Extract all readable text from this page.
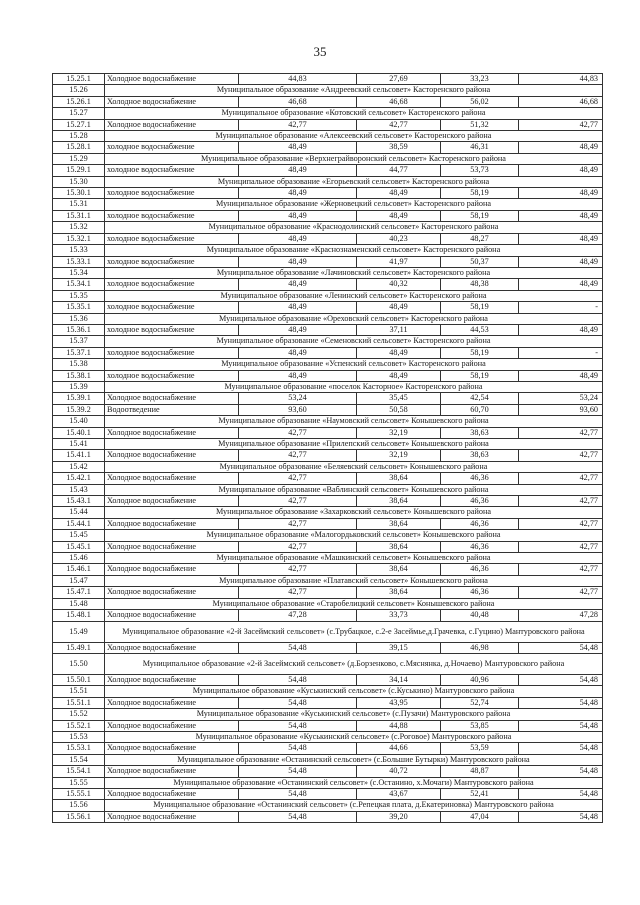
35
15.25.1	Холодное водоснабжение	44,83	27,69	33,23	44,83
15.26	Муниципальное образование «Андреевский сельсовет» Касторенского района				
15.26.1	Холодное водоснабжение	46,68	46,68	56,02	46,68
15.27	Муниципальное образование «Котовский сельсовет» Касторенского района				
15.27.1	Холодное водоснабжение	42,77	42,77	51,32	42,77
15.28	Муниципальное образование «Алексеевский сельсовет» Касторенского района				
15.28.1	холодное водоснабжение	48,49	38,59	46,31	48,49
15.29	Муниципальное образование «Верхнеграйворонский сельсовет» Касторенского района				
15.29.1	холодное водоснабжение	48,49	44,77	53,73	48,49
15.30	Муниципальное образование «Егорьевский сельсовет» Касторенского района				
15.30.1	холодное водоснабжение	48,49	48,49	58,19	48,49
15.31	Муниципальное образование «Жерновецкий сельсовет» Касторенского района				
15.31.1	холодное водоснабжение	48,49	48,49	58,19	48,49
15.32	Муниципальное образование «Краснодолинский сельсовет» Касторенского района				
15.32.1	холодное водоснабжение	48,49	40,23	48,27	48,49
15.33	Муниципальное образование «Краснознаменский сельсовет» Касторенского района				
15.33.1	холодное водоснабжение	48,49	41,97	50,37	48,49
15.34	Муниципальное образование «Лачиновский сельсовет» Касторенского района				
15.34.1	холодное водоснабжение	48,49	40,32	48,38	48,49
15.35	Муниципальное образование «Ленинский сельсовет» Касторенского района				
15.35.1	холодное водоснабжение	48,49	48,49	58,19	-
15.36	Муниципальное образование «Ореховский сельсовет» Касторенского района				
15.36.1	холодное водоснабжение	48,49	37,11	44,53	48,49
15.37	Муниципальное образование «Семеновский сельсовет» Касторенского района				
15.37.1	холодное водоснабжение	48,49	48,49	58,19	-
15.38	Муниципальное образование «Успенский сельсовет» Касторенского района				
15.38.1	холодное водоснабжение	48,49	48,49	58,19	48,49
15.39	Муниципальное образование «поселок Касторное» Касторенского района				
15.39.1	Холодное водоснабжение	53,24	35,45	42,54	53,24
15.39.2	Водоотведение	93,60	50,58	60,70	93,60
15.40	Муниципальное образование «Наумовский сельсовет» Конышевского района				
15.40.1	Холодное водоснабжение	42,77	32,19	38,63	42,77
15.41	Муниципальное образование «Прилепский сельсовет» Конышевского района				
15.41.1	Холодное водоснабжение	42,77	32,19	38,63	42,77
15.42	Муниципальное образование «Беляевский сельсовет» Конышевского района				
15.42.1	Холодное водоснабжение	42,77	38,64	46,36	42,77
15.43	Муниципальное образование «Ваблинский сельсовет» Конышевского района				
15.43.1	Холодное водоснабжение	42,77	38,64	46,36	42,77
15.44	Муниципальное образование «Захарковский сельсовет» Конышевского района				
15.44.1	Холодное водоснабжение	42,77	38,64	46,36	42,77
15.45	Муниципальное образование «Малогордьковский сельсовет» Конышевского района				
15.45.1	Холодное водоснабжение	42,77	38,64	46,36	42,77
15.46	Муниципальное образование «Машкинский сельсовет» Конышевского района				
15.46.1	Холодное водоснабжение	42,77	38,64	46,36	42,77
15.47	Муниципальное образование «Платавский сельсовет» Конышевского района				
15.47.1	Холодное водоснабжение	42,77	38,64	46,36	42,77
15.48	Муниципальное образование «Старобелицкий сельсовет» Конышевского района				
15.48.1	Холодное водоснабжение	47,28	33,73	40,48	47,28
15.49	Муниципальное образование «2-й Засеймский сельсовет» (с.Трубацкое, с.2-е Засеймье,д.Грачевка, с.Гуцино) Мантуровского района				
15.49.1	Холодное водоснабжение	54,48	39,15	46,98	54,48
15.50	Муниципальное образование «2-й Засеймский сельсовет» (д.Борзенково, с.Мяснянка, д.Ночаево) Мантуровского района				
15.50.1	Холодное водоснабжение	54,48	34,14	40,96	54,48
15.51	Муниципальное образование «Куськинский сельсовет» (с.Куськино) Мантуровского района				
15.51.1	Холодное водоснабжение	54,48	43,95	52,74	54,48
15.52	Муниципальное образование «Куськинский сельсовет» (с.Пузачи) Мантуровского района				
15.52.1	Холодное водоснабжение	54,48	44,88	53,85	54,48
15.53	Муниципальное образование «Куськинский сельсовет» (с.Роговое) Мантуровского района				
15.53.1	Холодное водоснабжение	54,48	44,66	53,59	54,48
15.54	Муниципальное образование «Останинский сельсовет» (с.Большие Бутырки) Мантуровского района				
15.54.1	Холодное водоснабжение	54,48	40,72	48,87	54,48
15.55	Муниципальное образование «Останинский сельсовет» (с.Останино, х.Мочаги) Мантуровского района				
15.55.1	Холодное водоснабжение	54,48	43,67	52,41	54,48
15.56	Муниципальное образование «Останинский сельсовет» (с.Репецкая плата, д.Екатериновка) Мантуровского района				
15.56.1	Холодное водоснабжение	54,48	39,20	47,04	54,48
